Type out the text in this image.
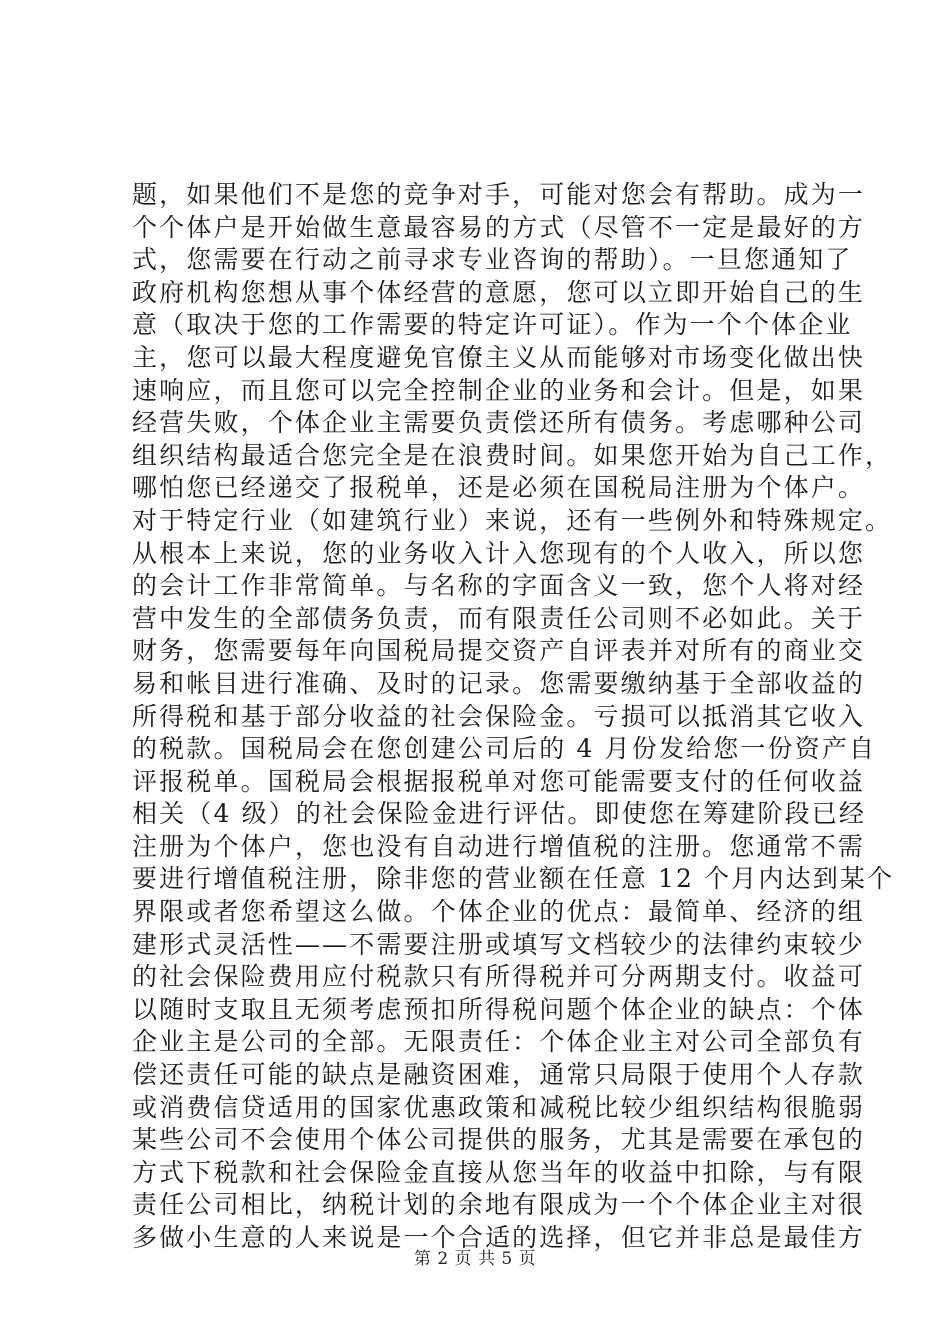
题，如果他们不是您的竞争对手，可能对您会有帮助。成为一
个个体户是开始做生意最容易的方式（尽管不一定是最好的方
式，您需要在行动之前寻求专业咨询的帮助）。一旦您通知了
政府机构您想从事个体经营的意愿，您可以立即开始自己的生
意（取决于您的工作需要的特定许可证）。作为一个个体企业
主，您可以最大程度避免官僚主义从而能够对市场变化做出快
速响应，而且您可以完全控制企业的业务和会计。但是，如果
经营失败，个体企业主需要负责偿还所有债务。考虑哪种公司
组织结构最适合您完全是在浪费时间。如果您开始为自己工作，
哪怕您已经递交了报税单，还是必须在国税局注册为个体户。
对于特定行业（如建筑行业）来说，还有一些例外和特殊规定。
从根本上来说，您的业务收入计入您现有的个人收入，所以您
的会计工作非常简单。与名称的字面含义一致，您个人将对经
营中发生的全部债务负责，而有限责任公司则不必如此。关于
财务，您需要每年向国税局提交资产自评表并对所有的商业交
易和帐目进行准确、及时的记录。您需要缴纳基于全部收益的
所得税和基于部分收益的社会保险金。亏损可以抵消其它收入
的税款。国税局会在您创建公司后的 4 月份发给您一份资产自
评报税单。国税局会根据报税单对您可能需要支付的任何收益
相关（4 级）的社会保险金进行评估。即使您在筹建阶段已经
注册为个体户，您也没有自动进行增值税的注册。您通常不需
要进行增值税注册，除非您的营业额在任意 12 个月内达到某个
界限或者您希望这么做。个体企业的优点：最简单、经济的组
建形式灵活性——不需要注册或填写文档较少的法律约束较少
的社会保险费用应付税款只有所得税并可分两期支付。收益可
以随时支取且无须考虑预扣所得税问题个体企业的缺点：个体
企业主是公司的全部。无限责任：个体企业主对公司全部负有
偿还责任可能的缺点是融资困难，通常只局限于使用个人存款
或消费信贷适用的国家优惠政策和减税比较少组织结构很脆弱
某些公司不会使用个体公司提供的服务，尤其是需要在承包的
方式下税款和社会保险金直接从您当年的收益中扣除，与有限
责任公司相比，纳税计划的余地有限成为一个个体企业主对很
多做小生意的人来说是一个合适的选择，但它并非总是最佳方
第 2 页 共 5 页
